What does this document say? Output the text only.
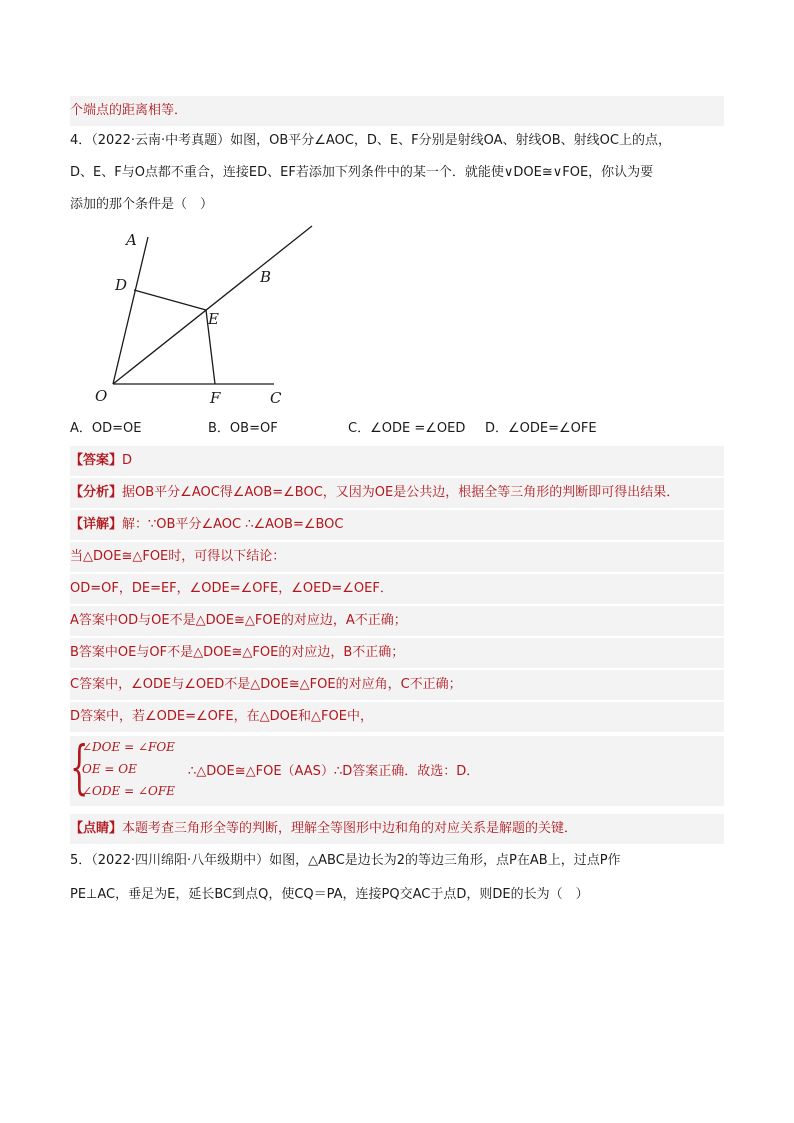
个端点的距离相等．
4．（2022·云南·中考真题）如图，OB平分∠AOC，D、E、F分别是射线OA、射线OB、射线OC上的点，
D、E、F与O点都不重合，连接ED、EF若添加下列条件中的某一个．就能使∨DOE≅∨FOE，你认为要
添加的那个条件是（　）
A
B
C
D
E
F
O
A．OD=OE	B．OB=OF	C．∠ODE =∠OED D．∠ODE=∠OFE
【答案】D
【分析】据OB平分∠AOC得∠AOB=∠BOC，又因为OE是公共边，根据全等三角形的判断即可得出结果．
【详解】解：∵OB平分∠AOC ∴∠AOB=∠BOC
当△DOE≅△FOE时，可得以下结论：
OD=OF，DE=EF，∠ODE=∠OFE，∠OED=∠OEF．
A答案中OD与OE不是△DOE≅△FOE的对应边，A不正确；
B答案中OE与OF不是△DOE≅△FOE的对应边，B不正确；
C答案中，∠ODE与∠OED不是△DOE≅△FOE的对应角，C不正确；
D答案中，若∠ODE=∠OFE，在△DOE和△FOE中，
{
∠DOE = ∠FOE
OE = OE
∠ODE = ∠OFE
∴△DOE≅△FOE（AAS）∴D答案正确．故选：D．
【点睛】本题考查三角形全等的判断，理解全等图形中边和角的对应关系是解题的关键．
5．（2022·四川绵阳·八年级期中）如图，△ABC是边长为2的等边三角形，点P在AB上，过点P作
PE⊥AC，垂足为E，延长BC到点Q，使CQ＝PA，连接PQ交AC于点D，则DE的长为（　）
